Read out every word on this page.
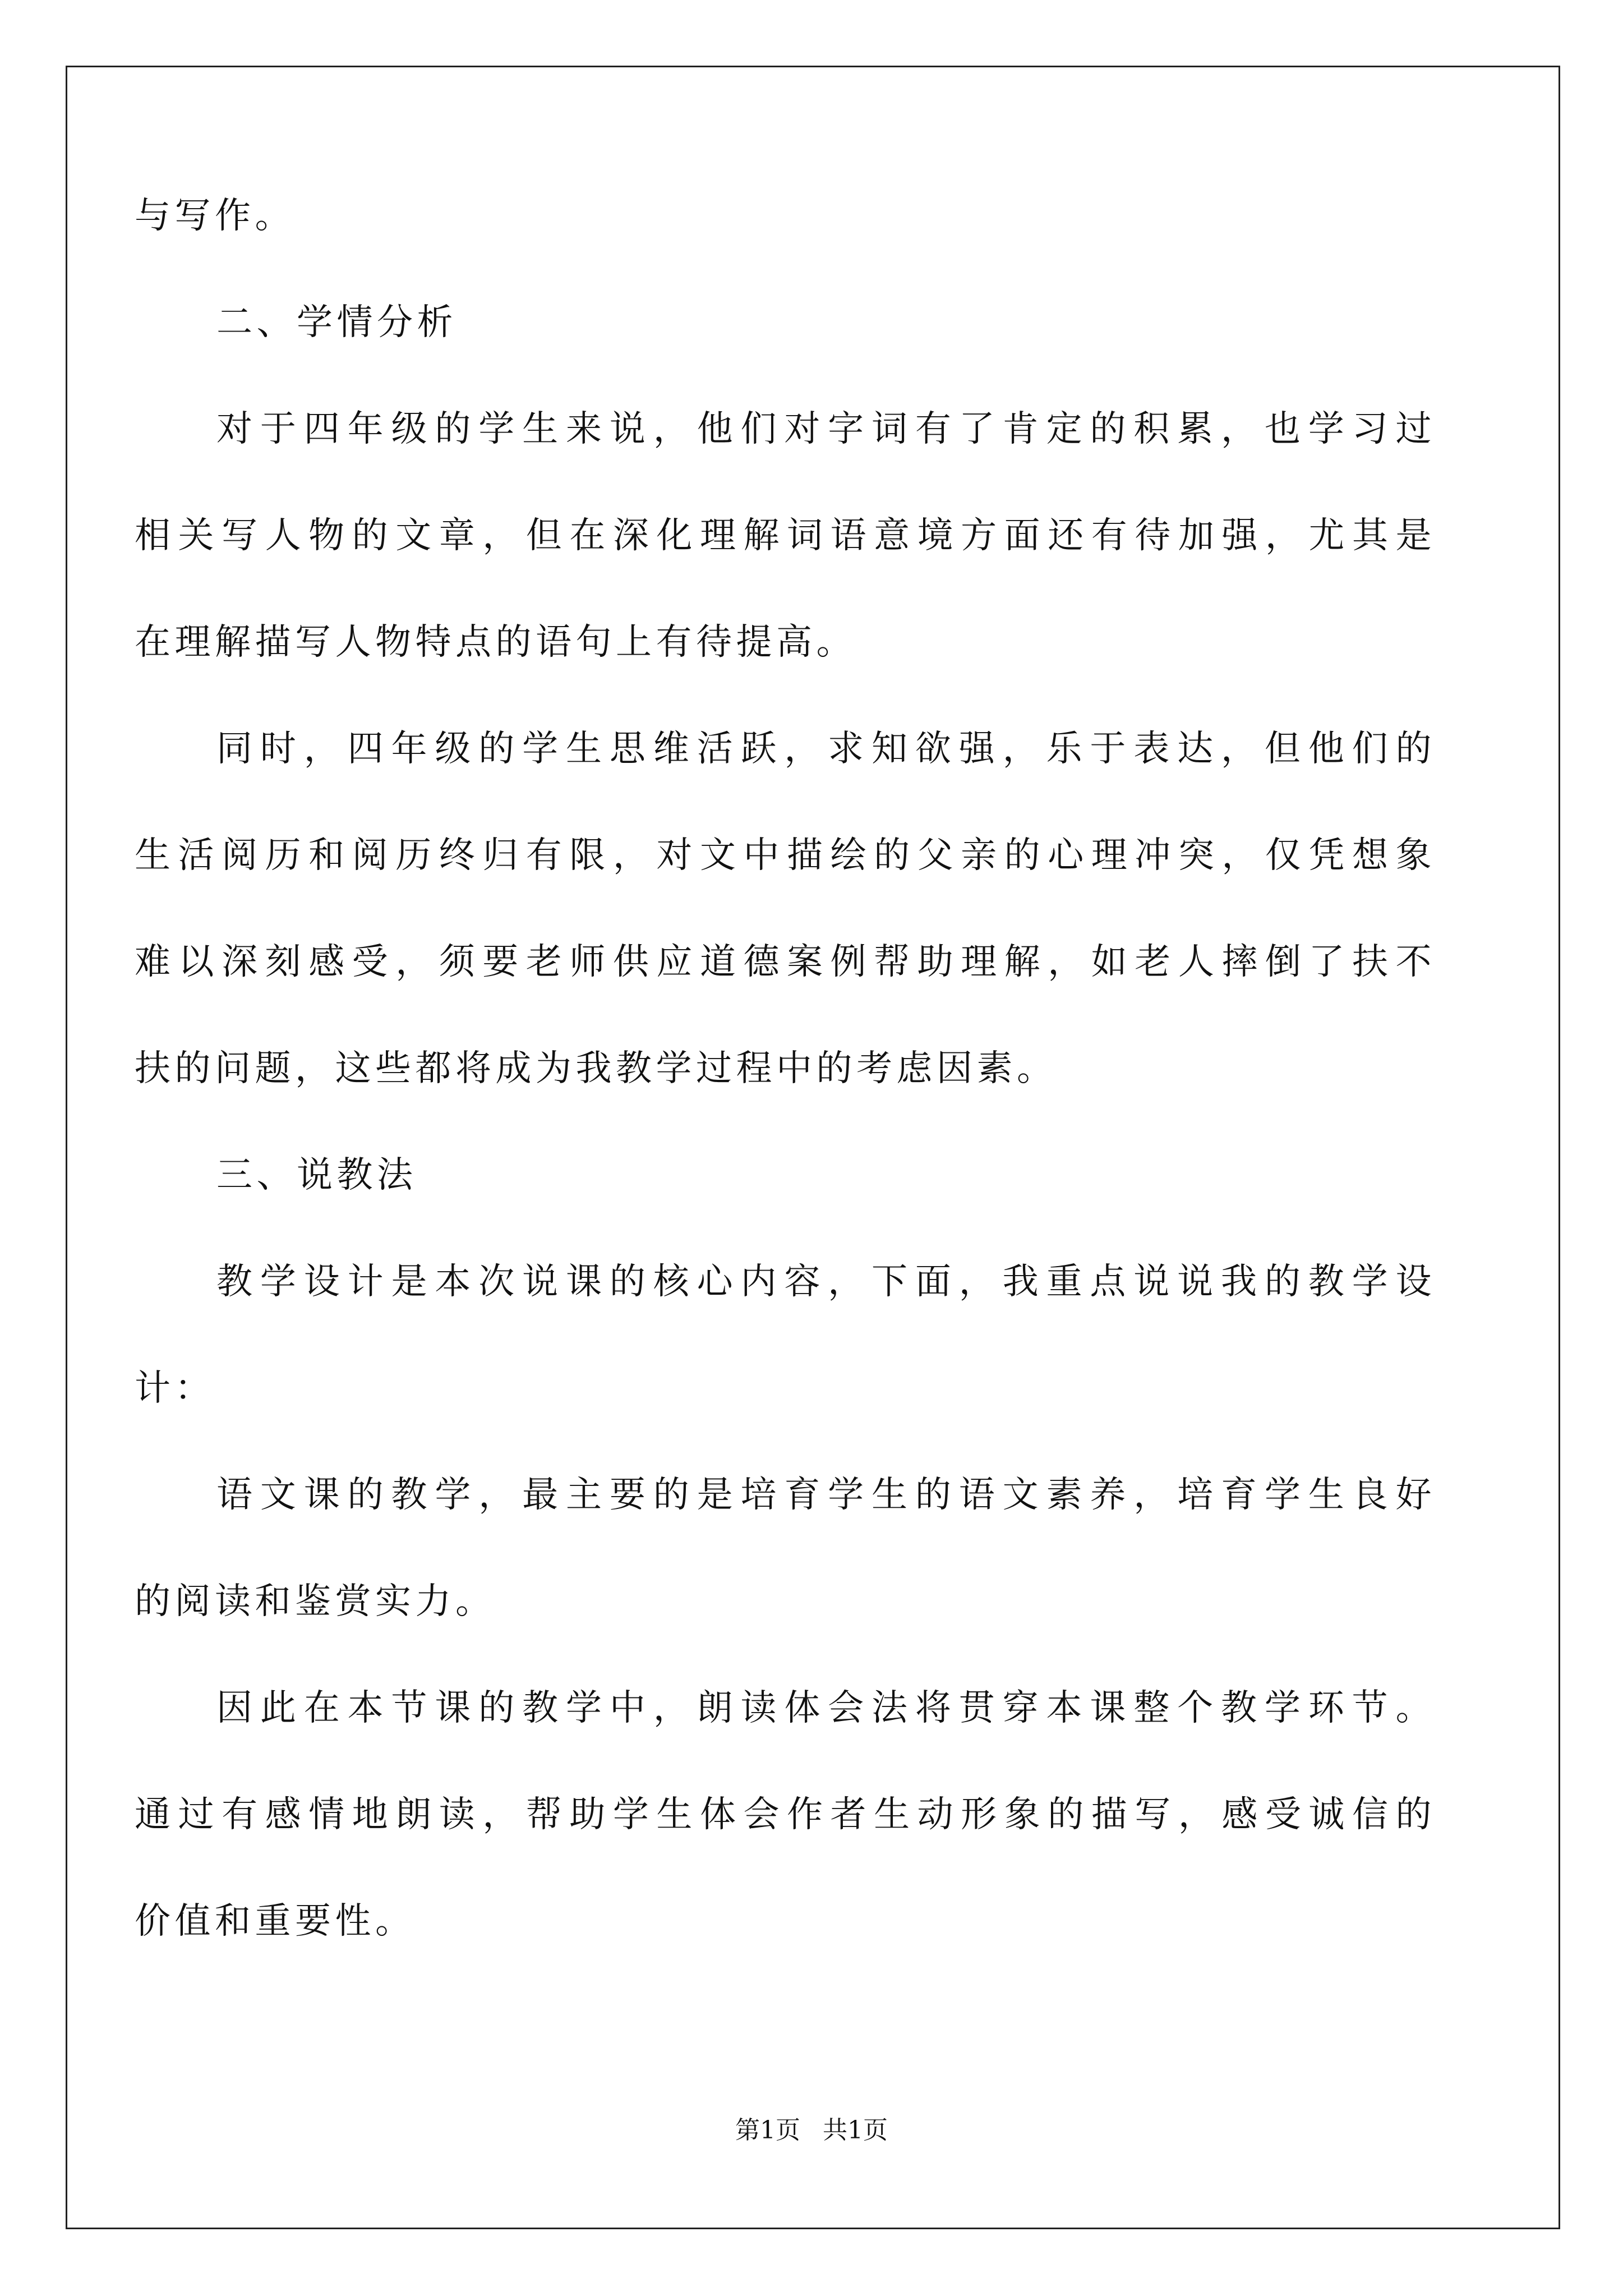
与写作。
二、学情分析
对于四年级的学生来说，他们对字词有了肯定的积累，也学习过
相关写人物的文章，但在深化理解词语意境方面还有待加强，尤其是
在理解描写人物特点的语句上有待提高。
同时，四年级的学生思维活跃，求知欲强，乐于表达，但他们的
生活阅历和阅历终归有限，对文中描绘的父亲的心理冲突，仅凭想象
难以深刻感受，须要老师供应道德案例帮助理解，如老人摔倒了扶不
扶的问题，这些都将成为我教学过程中的考虑因素。
三、说教法
教学设计是本次说课的核心内容，下面，我重点说说我的教学设
计：
语文课的教学，最主要的是培育学生的语文素养，培育学生良好
的阅读和鉴赏实力。
因此在本节课的教学中，朗读体会法将贯穿本课整个教学环节。
通过有感情地朗读，帮助学生体会作者生动形象的描写，感受诚信的
价值和重要性。
第1页 共1页
